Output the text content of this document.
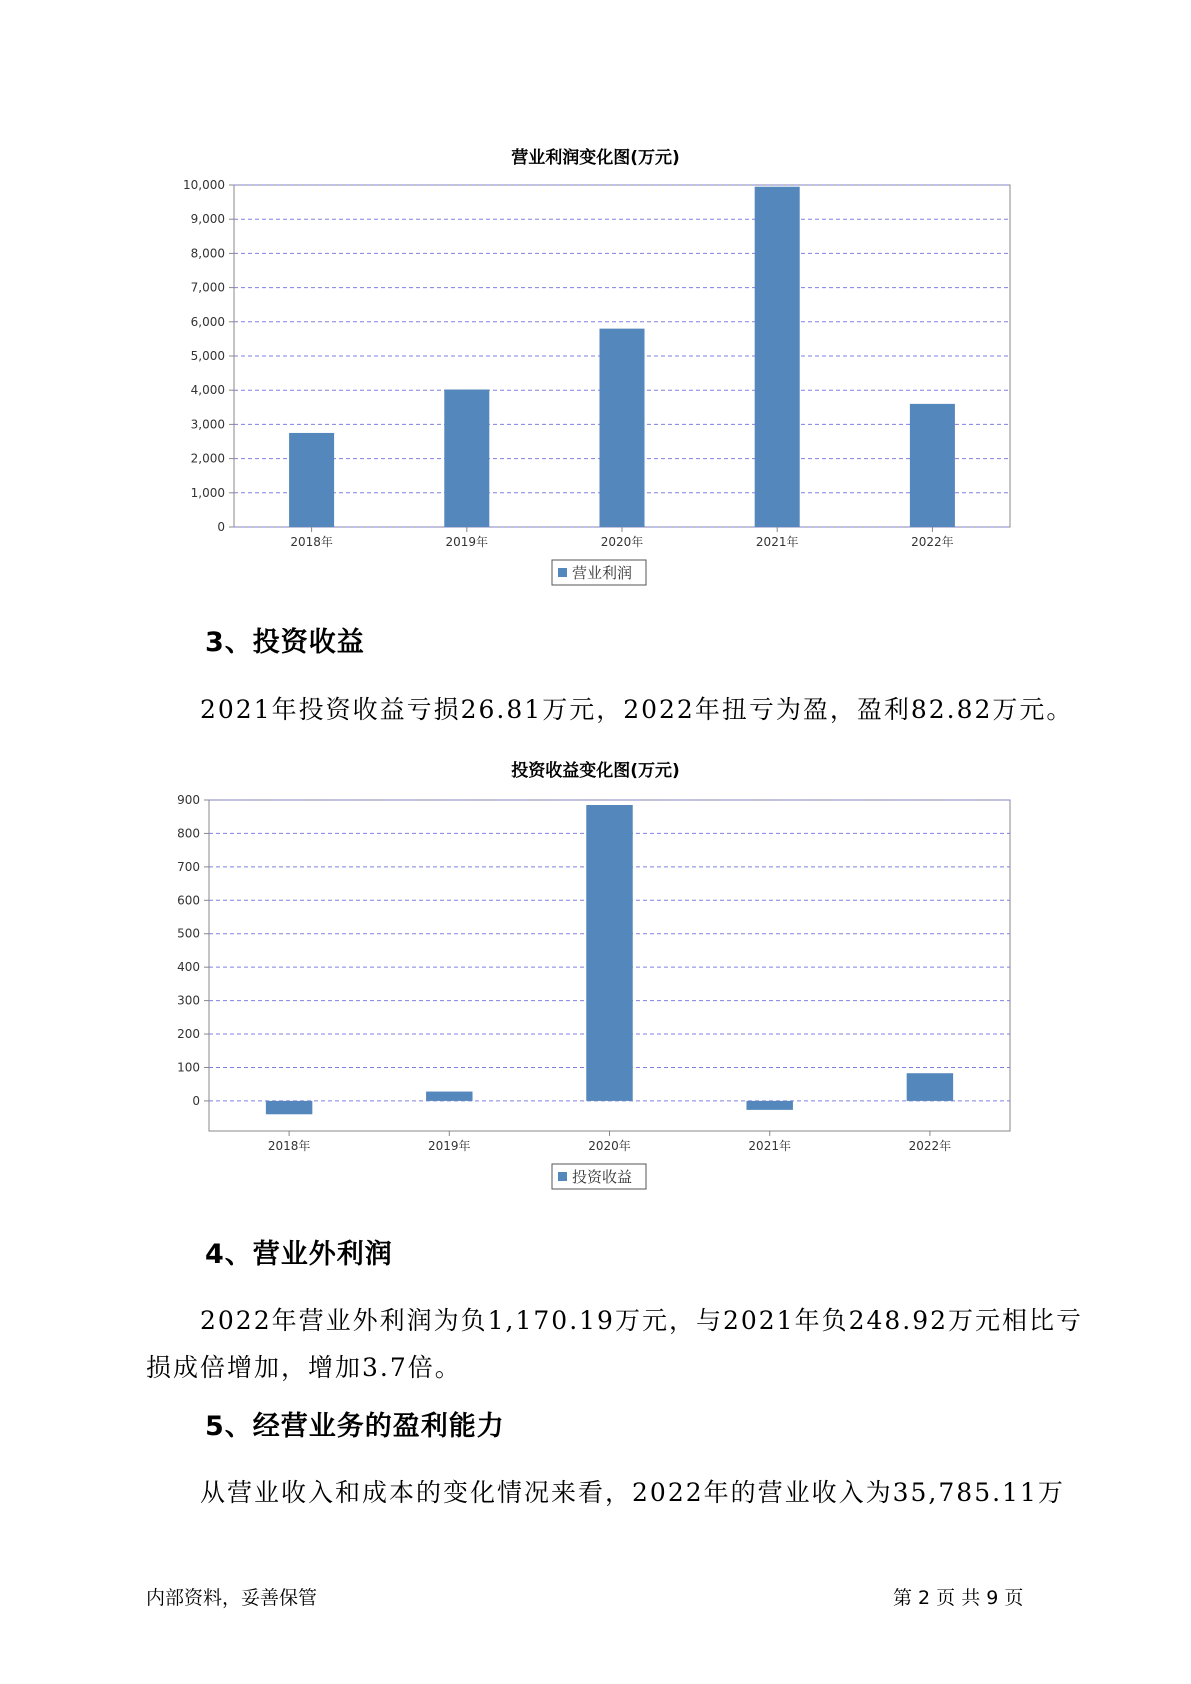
营业利润变化图(万元)
0
1,000
2,000
3,000
4,000
5,000
6,000
7,000
8,000
9,000
10,000
2018年	2019年	2020年	2021年	2022年
营业利润
3、投资收益
2021年投资收益亏损26.81万元，2022年扭亏为盈，盈利82.82万元。
投资收益变化图(万元)
0
100
200
300
400
500
600
700
800
900
2018年	2019年	2020年	2021年	2022年
投资收益
4、营业外利润
2022年营业外利润为负1,170.19万元，与2021年负248.92万元相比亏
损成倍增加，增加3.7倍。
5、经营业务的盈利能力
从营业收入和成本的变化情况来看，2022年的营业收入为35,785.11万
内部资料，妥善保管	第 2 页 共 9 页
